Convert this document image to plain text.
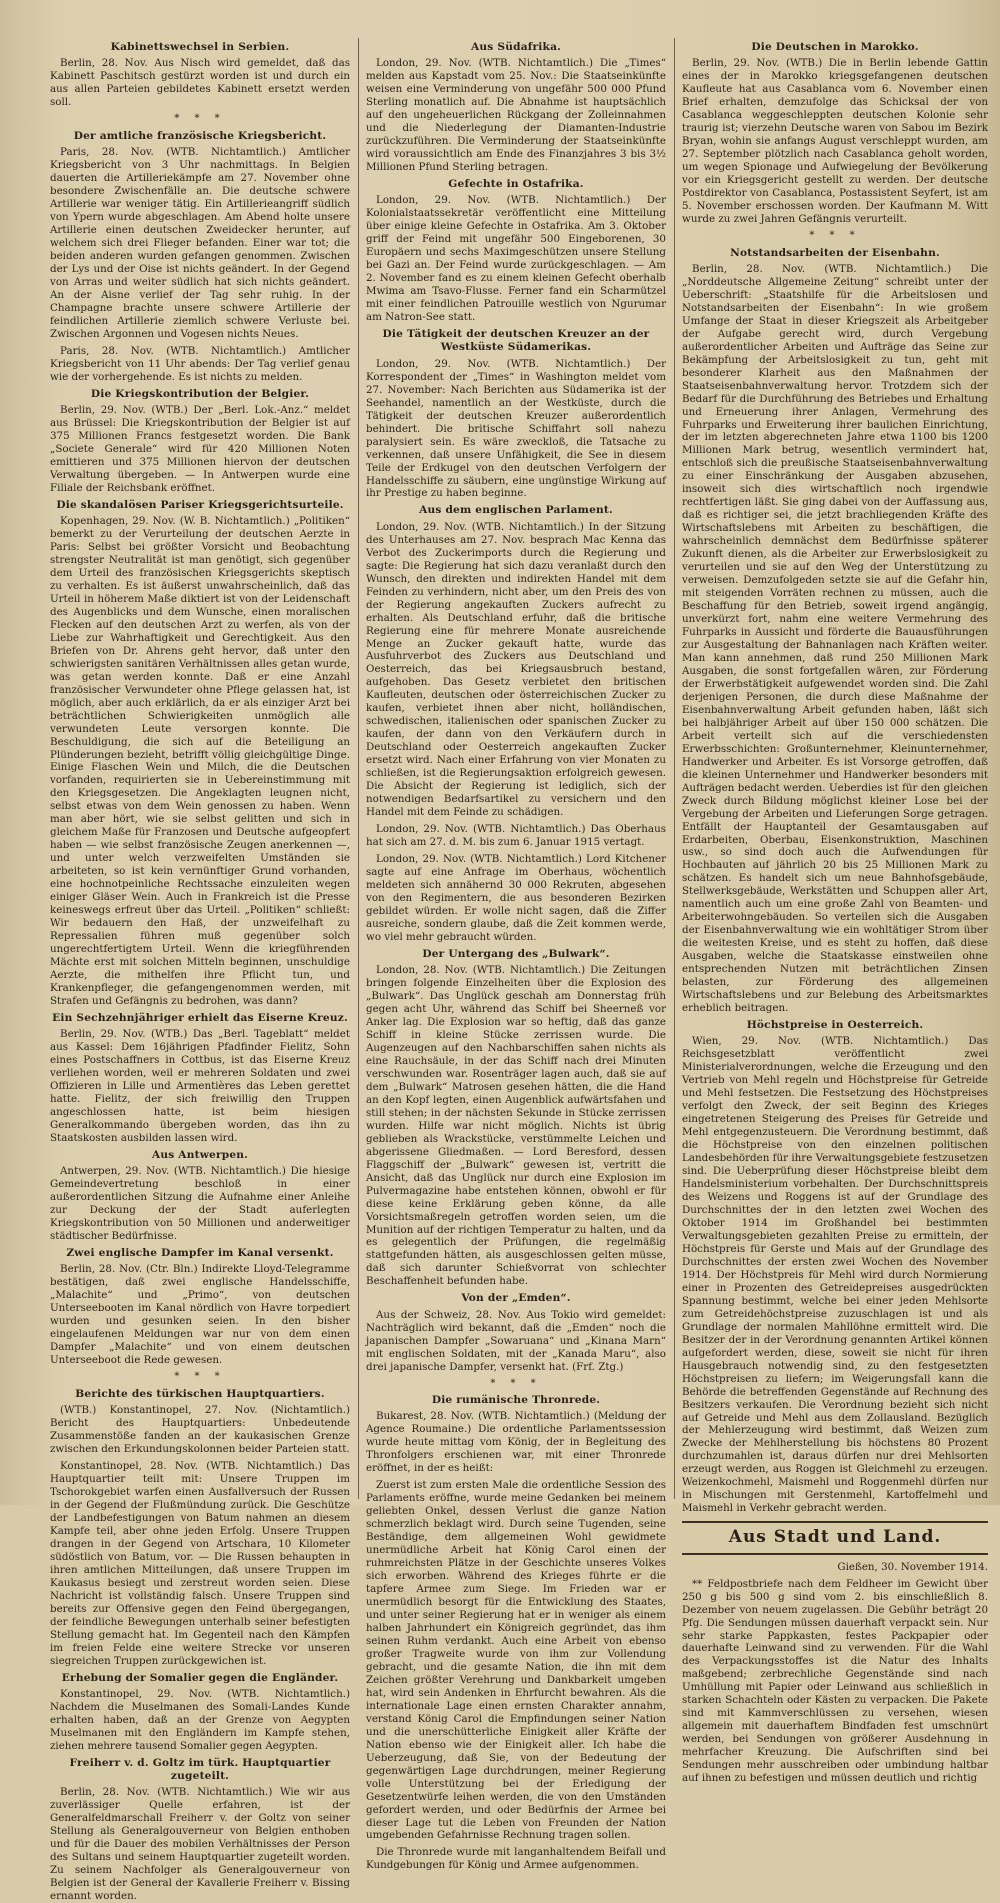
Kabinettswechsel in Serbien.

Berlin, 28. Nov. Aus Nisch wird gemeldet, daß das Kabinett Paschitsch gestürzt worden ist und durch ein aus allen Parteien gebildetes Kabinett ersetzt werden soll.

* * *
Der amtliche französische Kriegsbericht.

Paris, 28. Nov. (WTB. Nichtamtlich.) Amtlicher Kriegsbericht von 3 Uhr nachmittags. In Belgien dauerten die Artilleriekämpfe am 27. November ohne besondere Zwischenfälle an. Die deutsche schwere Artillerie war weniger tätig. Ein Artillerieangriff südlich von Ypern wurde abgeschlagen. Am Abend holte unsere Artillerie einen deutschen Zweidecker herunter, auf welchem sich drei Flieger befanden. Einer war tot; die beiden anderen wurden gefangen genommen. Zwischen der Lys und der Oise ist nichts geändert. In der Gegend von Arras und weiter südlich hat sich nichts geändert. An der Aisne verlief der Tag sehr ruhig. In der Champagne brachte unsere schwere Artillerie der feindlichen Artillerie ziemlich schwere Verluste bei. Zwischen Argonnen und Vogesen nichts Neues.

Paris, 28. Nov. (WTB. Nichtamtlich.) Amtlicher Kriegsbericht von 11 Uhr abends: Der Tag verlief genau wie der vorhergehende. Es ist nichts zu melden.

Die Kriegskontribution der Belgier.

Berlin, 29. Nov. (WTB.) Der „Berl. Lok.-Anz.“ meldet aus Brüssel: Die Kriegskontribution der Belgier ist auf 375 Millionen Francs festgesetzt worden. Die Bank „Societe Generale“ wird für 420 Millionen Noten emittieren und 375 Millionen hiervon der deutschen Verwaltung übergeben. — In Antwerpen wurde eine Filiale der Reichsbank eröffnet.

Die skandalösen Pariser Kriegsgerichtsurteile.

Kopenhagen, 29. Nov. (W. B. Nichtamtlich.) „Politiken“ bemerkt zu der Verurteilung der deutschen Aerzte in Paris: Selbst bei größter Vorsicht und Beobachtung strengster Neutralität ist man genötigt, sich gegenüber dem Urteil des französischen Kriegsgerichts skeptisch zu verhalten. Es ist äußerst unwahrscheinlich, daß das Urteil in höherem Maße diktiert ist von der Leidenschaft des Augenblicks und dem Wunsche, einen moralischen Flecken auf den deutschen Arzt zu werfen, als von der Liebe zur Wahrhaftigkeit und Gerechtigkeit. Aus den Briefen von Dr. Ahrens geht hervor, daß unter den schwierigsten sanitären Verhältnissen alles getan wurde, was getan werden konnte. Daß er eine Anzahl französischer Verwundeter ohne Pflege gelassen hat, ist möglich, aber auch erklärlich, da er als einziger Arzt bei beträchtlichen Schwierigkeiten unmöglich alle verwundeten Leute versorgen konnte. Die Beschuldigung, die sich auf die Beteiligung an Plünderungen bezieht, betrifft völlig gleichgültige Dinge. Einige Flaschen Wein und Milch, die die Deutschen vorfanden, requirierten sie in Uebereinstimmung mit den Kriegsgesetzen. Die Angeklagten leugnen nicht, selbst etwas von dem Wein genossen zu haben. Wenn man aber hört, wie sie selbst gelitten und sich in gleichem Maße für Franzosen und Deutsche aufgeopfert haben — wie selbst französische Zeugen anerkennen —, und unter welch verzweifelten Umständen sie arbeiteten, so ist kein vernünftiger Grund vorhanden, eine hochnotpeinliche Rechtssache einzuleiten wegen einiger Gläser Wein. Auch in Frankreich ist die Presse keineswegs erfreut über das Urteil. „Politiken“ schließt: Wir bedauern den Haß, der unzweifelhaft zu Repressalien führen muß gegenüber solch ungerechtfertigtem Urteil. Wenn die kriegführenden Mächte erst mit solchen Mitteln beginnen, unschuldige Aerzte, die mithelfen ihre Pflicht tun, und Krankenpfleger, die gefangengenommen werden, mit Strafen und Gefängnis zu bedrohen, was dann?

Ein Sechzehnjähriger erhielt das Eiserne Kreuz.

Berlin, 29. Nov. (WTB.) Das „Berl. Tageblatt“ meldet aus Kassel: Dem 16jährigen Pfadfinder Fielitz, Sohn eines Postschaffners in Cottbus, ist das Eiserne Kreuz verliehen worden, weil er mehreren Soldaten und zwei Offizieren in Lille und Armentières das Leben gerettet hatte. Fielitz, der sich freiwillig den Truppen angeschlossen hatte, ist beim hiesigen Generalkommando übergeben worden, das ihn zu Staatskosten ausbilden lassen wird.

Aus Antwerpen.

Antwerpen, 29. Nov. (WTB. Nichtamtlich.) Die hiesige Gemeindevertretung beschloß in einer außerordentlichen Sitzung die Aufnahme einer Anleihe zur Deckung der der Stadt auferlegten Kriegskontribution von 50 Millionen und anderweitiger städtischer Bedürfnisse.

Zwei englische Dampfer im Kanal versenkt.

Berlin, 28. Nov. (Ctr. Bln.) Indirekte Lloyd-Telegramme bestätigen, daß zwei englische Handelsschiffe, „Malachite“ und „Primo“, von deutschen Unterseebooten im Kanal nördlich von Havre torpediert wurden und gesunken seien. In den bisher eingelaufenen Meldungen war nur von dem einen Dampfer „Malachite“ und von einem deutschen Unterseeboot die Rede gewesen.

* * *
Berichte des türkischen Hauptquartiers.

(WTB.) Konstantinopel, 27. Nov. (Nichtamtlich.) Bericht des Hauptquartiers: Unbedeutende Zusammenstöße fanden an der kaukasischen Grenze zwischen den Erkundungskolonnen beider Parteien statt.

Konstantinopel, 28. Nov. (WTB. Nichtamtlich.) Das Hauptquartier teilt mit: Unsere Truppen im Tschorokgebiet warfen einen Ausfallversuch der Russen in der Gegend der Flußmündung zurück. Die Geschütze der Landbefestigungen von Batum nahmen an diesem Kampfe teil, aber ohne jeden Erfolg. Unsere Truppen drangen in der Gegend von Artschara, 10 Kilometer südöstlich von Batum, vor. — Die Russen behaupten in ihren amtlichen Mitteilungen, daß unsere Truppen im Kaukasus besiegt und zerstreut worden seien. Diese Nachricht ist vollständig falsch. Unsere Truppen sind bereits zur Offensive gegen den Feind übergegangen, der feindliche Bewegungen unterhalb seiner befestigten Stellung gemacht hat. Im Gegenteil nach den Kämpfen im freien Felde eine weitere Strecke vor unseren siegreichen Truppen zurückgewichen ist.

Erhebung der Somalier gegen die Engländer.

Konstantinopel, 29. Nov. (WTB. Nichtamtlich.) Nachdem die Muselmanen des Somali-Landes Kunde erhalten haben, daß an der Grenze von Aegypten Muselmanen mit den Engländern im Kampfe stehen, ziehen mehrere tausend Somalier gegen Aegypten.

Freiherr v. d. Goltz im türk. Hauptquartier zugeteilt.

Berlin, 28. Nov. (WTB. Nichtamtlich.) Wie wir aus zuverlässiger Quelle erfahren, ist der Generalfeldmarschall Freiherr v. der Goltz von seiner Stellung als Generalgouverneur von Belgien enthoben und für die Dauer des mobilen Verhältnisses der Person des Sultans und seinem Hauptquartier zugeteilt worden. Zu seinem Nachfolger als Generalgouverneur von Belgien ist der General der Kavallerie Freiherr v. Bissing ernannt worden.

Aus Südafrika.

London, 29. Nov. (WTB. Nichtamtlich.) Die „Times“ melden aus Kapstadt vom 25. Nov.: Die Staatseinkünfte weisen eine Verminderung von ungefähr 500 000 Pfund Sterling monatlich auf. Die Abnahme ist hauptsächlich auf den ungeheuerlichen Rückgang der Zolleinnahmen und die Niederlegung der Diamanten-Industrie zurückzuführen. Die Verminderung der Staatseinkünfte wird voraussichtlich am Ende des Finanzjahres 3 bis 3½ Millionen Pfund Sterling betragen.

Gefechte in Ostafrika.

London, 29. Nov. (WTB. Nichtamtlich.) Der Kolonialstaatssekretär veröffentlicht eine Mitteilung über einige kleine Gefechte in Ostafrika. Am 3. Oktober griff der Feind mit ungefähr 500 Eingeborenen, 30 Europäern und sechs Maximgeschützen unsere Stellung bei Gazi an. Der Feind wurde zurückgeschlagen. — Am 2. November fand es zu einem kleinen Gefecht oberhalb Mwima am Tsavo-Flusse. Ferner fand ein Scharmützel mit einer feindlichen Patrouille westlich von Ngurumar am Natron-See statt.

Die Tätigkeit der deutschen Kreuzer an der Westküste Südamerikas.

London, 29. Nov. (WTB. Nichtamtlich.) Der Korrespondent der „Times“ in Washington meldet vom 27. November: Nach Berichten aus Südamerika ist der Seehandel, namentlich an der Westküste, durch die Tätigkeit der deutschen Kreuzer außerordentlich behindert. Die britische Schiffahrt soll nahezu paralysiert sein. Es wäre zweckloß, die Tatsache zu verkennen, daß unsere Unfähigkeit, die See in diesem Teile der Erdkugel von den deutschen Verfolgern der Handelsschiffe zu säubern, eine ungünstige Wirkung auf ihr Prestige zu haben beginne.

Aus dem englischen Parlament.

London, 29. Nov. (WTB. Nichtamtlich.) In der Sitzung des Unterhauses am 27. Nov. besprach Mac Kenna das Verbot des Zuckerimports durch die Regierung und sagte: Die Regierung hat sich dazu veranlaßt durch den Wunsch, den direkten und indirekten Handel mit dem Feinden zu verhindern, nicht aber, um den Preis des von der Regierung angekauften Zuckers aufrecht zu erhalten. Als Deutschland erfuhr, daß die britische Regierung eine für mehrere Monate ausreichende Menge an Zucker gekauft hatte, wurde das Ausfuhrverbot des Zuckers aus Deutschland und Oesterreich, das bei Kriegsausbruch bestand, aufgehoben. Das Gesetz verbietet den britischen Kaufleuten, deutschen oder österreichischen Zucker zu kaufen, verbietet ihnen aber nicht, holländischen, schwedischen, italienischen oder spanischen Zucker zu kaufen, der dann von den Verkäufern durch in Deutschland oder Oesterreich angekauften Zucker ersetzt wird. Nach einer Erfahrung von vier Monaten zu schließen, ist die Regierungsaktion erfolgreich gewesen. Die Absicht der Regierung ist lediglich, sich der notwendigen Bedarfsartikel zu versichern und den Handel mit dem Feinde zu schädigen.

London, 29. Nov. (WTB. Nichtamtlich.) Das Oberhaus hat sich am 27. d. M. bis zum 6. Januar 1915 vertagt.

London, 29. Nov. (WTB. Nichtamtlich.) Lord Kitchener sagte auf eine Anfrage im Oberhaus, wöchentlich meldeten sich annähernd 30 000 Rekruten, abgesehen von den Regimentern, die aus besonderen Bezirken gebildet würden. Er wolle nicht sagen, daß die Ziffer ausreiche, sondern glaube, daß die Zeit kommen werde, wo viel mehr gebraucht würden.

Der Untergang des „Bulwark“.

London, 28. Nov. (WTB. Nichtamtlich.) Die Zeitungen bringen folgende Einzelheiten über die Explosion des „Bulwark“. Das Unglück geschah am Donnerstag früh gegen acht Uhr, während das Schiff bei Sheerneß vor Anker lag. Die Explosion war so heftig, daß das ganze Schiff in kleine Stücke zerrissen wurde. Die Augenzeugen auf den Nachbarschiffen sahen nichts als eine Rauchsäule, in der das Schiff nach drei Minuten verschwunden war. Rosenträger lagen auch, daß sie auf dem „Bulwark“ Matrosen gesehen hätten, die die Hand an den Kopf legten, einen Augenblick aufwärtsfahen und still stehen; in der nächsten Sekunde in Stücke zerrissen wurden. Hilfe war nicht möglich. Nichts ist übrig geblieben als Wrackstücke, verstümmelte Leichen und abgerissene Gliedmaßen. — Lord Beresford, dessen Flaggschiff der „Bulwark“ gewesen ist, vertritt die Ansicht, daß das Unglück nur durch eine Explosion im Pulvermagazine habe entstehen können, obwohl er für diese keine Erklärung geben könne, da alle Vorsichtsmaßregeln getroffen worden seien, um die Munition auf der richtigen Temperatur zu halten, und da es gelegentlich der Prüfungen, die regelmäßig stattgefunden hätten, als ausgeschlossen gelten müsse, daß sich darunter Schießvorrat von schlechter Beschaffenheit befunden habe.

Von der „Emden“.

Aus der Schweiz, 28. Nov. Aus Tokio wird gemeldet: Nachträglich wird bekannt, daß die „Emden“ noch die japanischen Dampfer „Sowaruana“ und „Kinana Marn“ mit englischen Soldaten, mit der „Kanada Maru“, also drei japanische Dampfer, versenkt hat. (Frf. Ztg.)

* * *
Die rumänische Thronrede.

Bukarest, 28. Nov. (WTB. Nichtamtlich.) (Meldung der Agence Roumaine.) Die ordentliche Parlamentssession wurde heute mittag vom König, der in Begleitung des Thronfolgers erschienen war, mit einer Thronrede eröffnet, in der es heißt:

Zuerst ist zum ersten Male die ordentliche Session des Parlaments eröffne, wurde meine Gedanken bei meinem geliebten Onkel, dessen Verlust die ganze Nation schmerzlich beklagt wird. Durch seine Tugenden, seine Beständige, dem allgemeinen Wohl gewidmete unermüdliche Arbeit hat König Carol einen der ruhmreichsten Plätze in der Geschichte unseres Volkes sich erworben. Während des Krieges führte er die tapfere Armee zum Siege. Im Frieden war er unermüdlich besorgt für die Entwicklung des Staates, und unter seiner Regierung hat er in weniger als einem halben Jahrhundert ein Königreich gegründet, das ihm seinen Ruhm verdankt. Auch eine Arbeit von ebenso großer Tragweite wurde von ihm zur Vollendung gebracht, und die gesamte Nation, die ihn mit dem Zeichen größter Verehrung und Dankbarkeit umgeben hat, wird sein Andenken in Ehrfurcht bewahren. Als die internationale Lage einen ernsten Charakter annahm, verstand König Carol die Empfindungen seiner Nation und die unerschütterliche Einigkeit aller Kräfte der Nation ebenso wie der Einigkeit aller. Ich habe die Ueberzeugung, daß Sie, von der Bedeutung der gegenwärtigen Lage durchdrungen, meiner Regierung volle Unterstützung bei der Erledigung der Gesetzentwürfe leihen werden, die von den Umständen gefordert werden, und oder Bedürfnis der Armee bei dieser Lage tut die Leben von Freunden der Nation umgebenden Gefahrnisse Rechnung tragen sollen.

Die Thronrede wurde mit langanhaltendem Beifall und Kundgebungen für König und Armee aufgenommen.

Die Deutschen in Marokko.

Berlin, 29. Nov. (WTB.) Die in Berlin lebende Gattin eines der in Marokko kriegsgefangenen deutschen Kaufleute hat aus Casablanca vom 6. November einen Brief erhalten, demzufolge das Schicksal der von Casablanca weggeschleppten deutschen Kolonie sehr traurig ist; vierzehn Deutsche waren von Sabou im Bezirk Bryan, wohin sie anfangs August verschleppt wurden, am 27. September plötzlich nach Casablanca geholt worden, um wegen Spionage und Aufwiegelung der Bevölkerung vor ein Kriegsgericht gestellt zu werden. Der deutsche Postdirektor von Casablanca, Postassistent Seyfert, ist am 5. November erschossen worden. Der Kaufmann M. Witt wurde zu zwei Jahren Gefängnis verurteilt.

* * *
Notstandsarbeiten der Eisenbahn.

Berlin, 28. Nov. (WTB. Nichtamtlich.) Die „Norddeutsche Allgemeine Zeitung“ schreibt unter der Ueberschrift: „Staatshilfe für die Arbeitslosen und Notstandsarbeiten der Eisenbahn“: In wie großem Umfange der Staat in dieser Kriegszeit als Arbeitgeber der Aufgabe gerecht wird, durch Vergebung außerordentlicher Arbeiten und Aufträge das Seine zur Bekämpfung der Arbeitslosigkeit zu tun, geht mit besonderer Klarheit aus den Maßnahmen der Staatseisenbahnverwaltung hervor. Trotzdem sich der Bedarf für die Durchführung des Betriebes und Erhaltung und Erneuerung ihrer Anlagen, Vermehrung des Fuhrparks und Erweiterung ihrer baulichen Einrichtung, der im letzten abgerechneten Jahre etwa 1100 bis 1200 Millionen Mark betrug, wesentlich vermindert hat, entschloß sich die preußische Staatseisenbahnverwaltung zu einer Einschränkung der Ausgaben abzusehen, insoweit sich dies wirtschaftlich noch irgendwie rechtfertigen läßt. Sie ging dabei von der Auffassung aus, daß es richtiger sei, die jetzt brachliegenden Kräfte des Wirtschaftslebens mit Arbeiten zu beschäftigen, die wahrscheinlich demnächst dem Bedürfnisse späterer Zukunft dienen, als die Arbeiter zur Erwerbslosigkeit zu verurteilen und sie auf den Weg der Unterstützung zu verweisen. Demzufolgeden setzte sie auf die Gefahr hin, mit steigenden Vorräten rechnen zu müssen, auch die Beschaffung für den Betrieb, soweit irgend angängig, unverkürzt fort, nahm eine weitere Vermehrung des Fuhrparks in Aussicht und förderte die Bauausführungen zur Ausgestaltung der Bahnanlagen nach Kräften weiter. Man kann annehmen, daß rund 250 Millionen Mark Ausgaben, die sonst fortgefallen wären, zur Förderung der Erwerbstätigkeit aufgewendet worden sind. Die Zahl derjenigen Personen, die durch diese Maßnahme der Eisenbahnverwaltung Arbeit gefunden haben, läßt sich bei halbjähriger Arbeit auf über 150 000 schätzen. Die Arbeit verteilt sich auf die verschiedensten Erwerbsschichten: Großunternehmer, Kleinunternehmer, Handwerker und Arbeiter. Es ist Vorsorge getroffen, daß die kleinen Unternehmer und Handwerker besonders mit Aufträgen bedacht werden. Ueberdies ist für den gleichen Zweck durch Bildung möglichst kleiner Lose bei der Vergebung der Arbeiten und Lieferungen Sorge getragen. Entfällt der Hauptanteil der Gesamtausgaben auf Erdarbeiten, Oberbau, Eisenkonstruktion, Maschinen usw., so sind doch auch die Aufwendungen für Hochbauten auf jährlich 20 bis 25 Millionen Mark zu schätzen. Es handelt sich um neue Bahnhofsgebäude, Stellwerksgebäude, Werkstätten und Schuppen aller Art, namentlich auch um eine große Zahl von Beamten- und Arbeiterwohngebäuden. So verteilen sich die Ausgaben der Eisenbahnverwaltung wie ein wohltätiger Strom über die weitesten Kreise, und es steht zu hoffen, daß diese Ausgaben, welche die Staatskasse einstweilen ohne entsprechenden Nutzen mit beträchtlichen Zinsen belasten, zur Förderung des allgemeinen Wirtschaftslebens und zur Belebung des Arbeitsmarktes erheblich beitragen.

Höchstpreise in Oesterreich.

Wien, 29. Nov. (WTB. Nichtamtlich.) Das Reichsgesetzblatt veröffentlicht zwei Ministerialverordnungen, welche die Erzeugung und den Vertrieb von Mehl regeln und Höchstpreise für Getreide und Mehl festsetzen. Die Festsetzung des Höchstpreises verfolgt den Zweck, der seit Beginn des Krieges eingetretenen Steigerung des Preises für Getreide und Mehl entgegenzusteuern. Die Verordnung bestimmt, daß die Höchstpreise von den einzelnen politischen Landesbehörden für ihre Verwaltungsgebiete festzusetzen sind. Die Ueberprüfung dieser Höchstpreise bleibt dem Handelsministerium vorbehalten. Der Durchschnittspreis des Weizens und Roggens ist auf der Grundlage des Durchschnittes der in den letzten zwei Wochen des Oktober 1914 im Großhandel bei bestimmten Verwaltungsgebieten gezahlten Preise zu ermitteln, der Höchstpreis für Gerste und Mais auf der Grundlage des Durchschnittes der ersten zwei Wochen des November 1914. Der Höchstpreis für Mehl wird durch Normierung einer in Prozenten des Getreidepreises ausgedrückten Spannung bestimmt, welche bei einer jeden Mehlsorte zum Getreidehöchstpreise zuzuschlagen ist und als Grundlage der normalen Mahllöhne ermittelt wird. Die Besitzer der in der Verordnung genannten Artikel können aufgefordert werden, diese, soweit sie nicht für ihren Hausgebrauch notwendig sind, zu den festgesetzten Höchstpreisen zu liefern; im Weigerungsfall kann die Behörde die betreffenden Gegenstände auf Rechnung des Besitzers verkaufen. Die Verordnung bezieht sich nicht auf Getreide und Mehl aus dem Zollausland. Bezüglich der Mehlerzeugung wird bestimmt, daß Weizen zum Zwecke der Mehlherstellung bis höchstens 80 Prozent durchzumahlen ist, daraus dürfen nur drei Mehlsorten erzeugt werden, aus Roggen ist Gleichmehl zu erzeugen. Weizenkochmehl, Maismehl und Roggenmehl dürfen nur in Mischungen mit Gerstenmehl, Kartoffelmehl und Maismehl in Verkehr gebracht werden.

Aus Stadt und Land.
Gießen, 30. November 1914.

** Feldpostbriefe nach dem Feldheer im Gewicht über 250 g bis 500 g sind vom 2. bis einschließlich 8. Dezember von neuem zugelassen. Die Gebühr beträgt 20 Pfg. Die Sendungen müssen dauerhaft verpackt sein. Nur sehr starke Pappkasten, festes Packpapier oder dauerhafte Leinwand sind zu verwenden. Für die Wahl des Verpackungsstoffes ist die Natur des Inhalts maßgebend; zerbrechliche Gegenstände sind nach Umhüllung mit Papier oder Leinwand aus schließlich in starken Schachteln oder Kästen zu verpacken. Die Pakete sind mit Kammverschlüssen zu versehen, wiesen allgemein mit dauerhaftem Bindfaden fest umschnürt werden, bei Sendungen von größerer Ausdehnung in mehrfacher Kreuzung. Die Aufschriften sind bei Sendungen mehr ausschreiben oder umbindung haltbar auf ihnen zu befestigen und müssen deutlich und richtig
